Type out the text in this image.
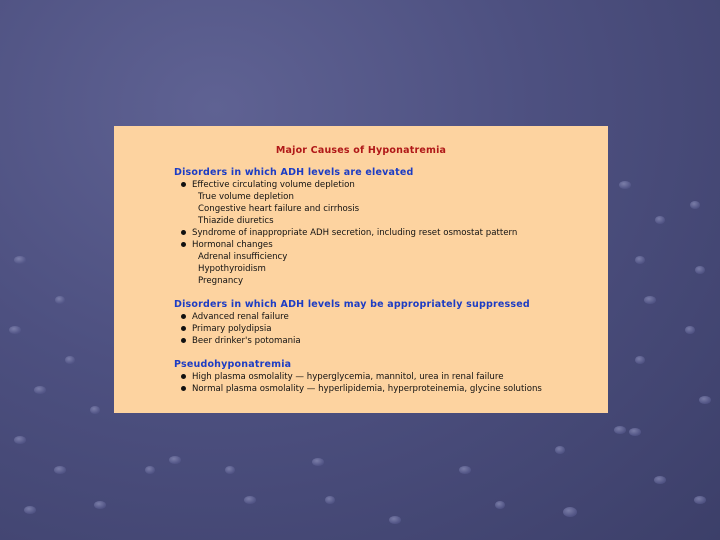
Major Causes of Hyponatremia
Disorders in which ADH levels are elevated
Effective circulating volume depletion
True volume depletion
Congestive heart failure and cirrhosis
Thiazide diuretics
Syndrome of inappropriate ADH secretion, including reset osmostat pattern
Hormonal changes
Adrenal insufficiency
Hypothyroidism
Pregnancy
Disorders in which ADH levels may be appropriately suppressed
Advanced renal failure
Primary polydipsia
Beer drinker's potomania
Pseudohyponatremia
High plasma osmolality — hyperglycemia, mannitol, urea in renal failure
Normal plasma osmolality — hyperlipidemia, hyperproteinemia, glycine solutions
